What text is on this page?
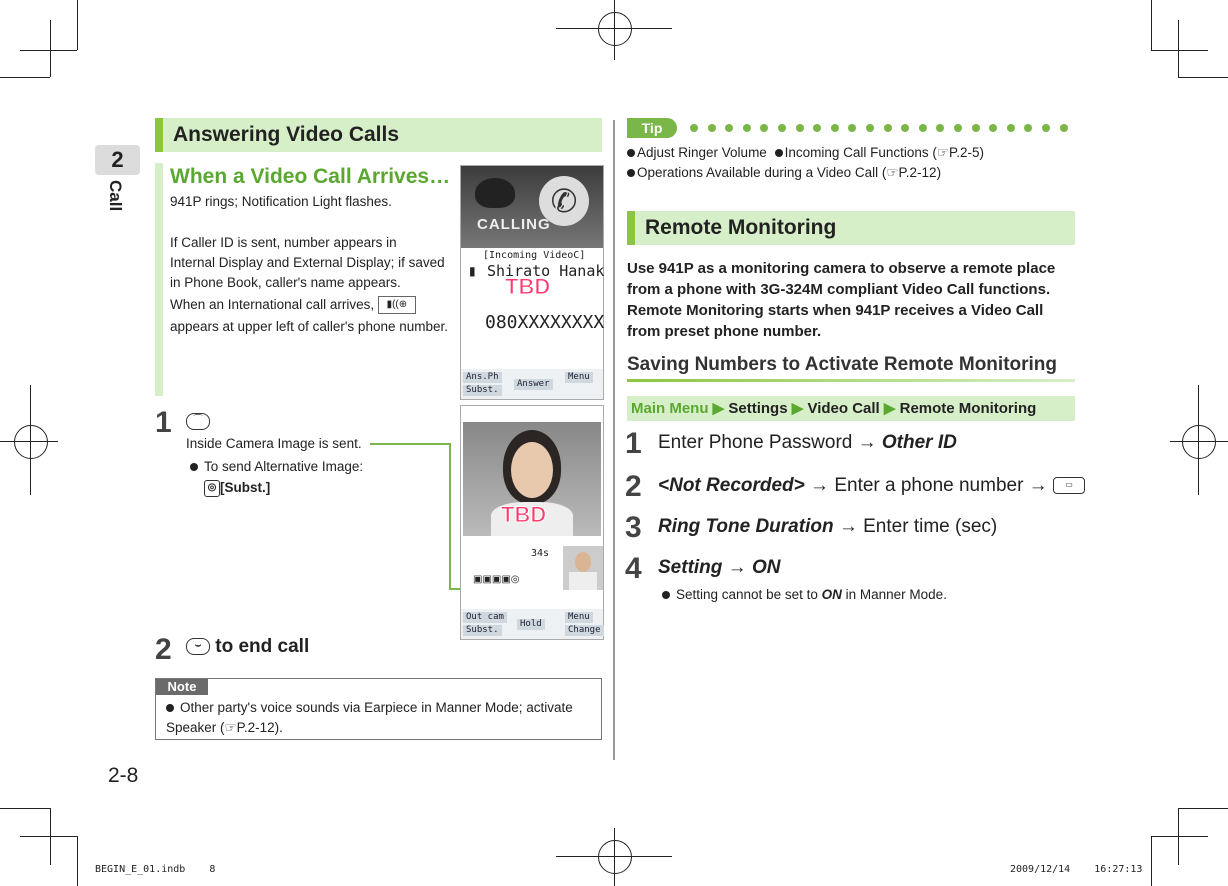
2
Call
2-8
Answering Video Calls
When a Video Call Arrives…
941P rings; Notification Light flashes.
If Caller ID is sent, number appears in Internal Display and External Display; if saved in Phone Book, caller's name appears.
When an International call arrives, ▮((⊕
appears at upper left of caller's phone number.
✆
CALLING
[Incoming VideoC]
▮ Shirato Hanak
TBD
080XXXXXXXX
Ans.Ph
Subst.
Answer
Menu
1	⌒
Inside Camera Image is sent.
To send Alternative Image:
◎ [Subst.]
TBD
34s
▣▣▣▣◎
Out cam
Subst.
Hold
Menu
Change
2	⌣ to end call
Note
Other party's voice sounds via Earpiece in Manner Mode; activate Speaker (☞P.2-12).
Tip
Adjust Ringer Volume Incoming Call Functions (☞P.2-5)
Operations Available during a Video Call (☞P.2-12)
Remote Monitoring
Use 941P as a monitoring camera to observe a remote place from a phone with 3G-324M compliant Video Call functions. Remote Monitoring starts when 941P receives a Video Call from preset phone number.
Saving Numbers to Activate Remote Monitoring
Main Menu ▶ Settings ▶ Video Call ▶ Remote Monitoring
1 Enter Phone Password → Other ID
2 <Not Recorded> → Enter a phone number → ▭
3 Ring Tone Duration → Enter time (sec)
4 Setting → ON
Setting cannot be set to ON in Manner Mode.
BEGIN_E_01.indb    8	2009/12/14    16:27:13
